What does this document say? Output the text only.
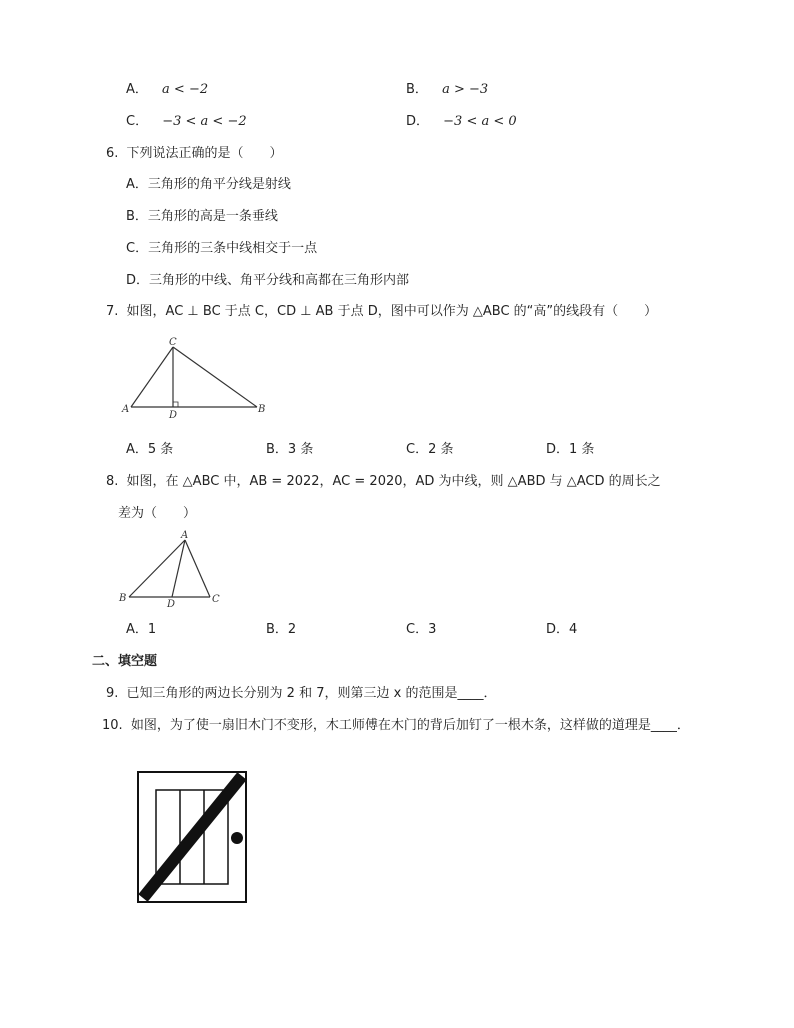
A． a < −2	B． a > −3
C． −3 < a < −2	D． −3 < a < 0
6. 下列说法正确的是（　　）
A．三角形的角平分线是射线
B．三角形的高是一条垂线
C．三角形的三条中线相交于一点
D．三角形的中线、角平分线和高都在三角形内部
7. 如图，AC ⊥ BC 于点 C，CD ⊥ AB 于点 D，图中可以作为 △ABC 的“高”的线段有（　　）
C
A
D
B
A．5 条	B．3 条	C．2 条	D．1 条
8. 如图，在 △ABC 中，AB = 2022，AC = 2020，AD 为中线，则 △ABD 与 △ACD 的周长之
差为（　　）
A
B
D	C
A．1	B．2	C．3	D．4
二、填空题
9. 已知三角形的两边长分别为 2 和 7，则第三边 x 的范围是____．
10. 如图，为了使一扇旧木门不变形，木工师傅在木门的背后加钉了一根木条，这样做的道理是____．
